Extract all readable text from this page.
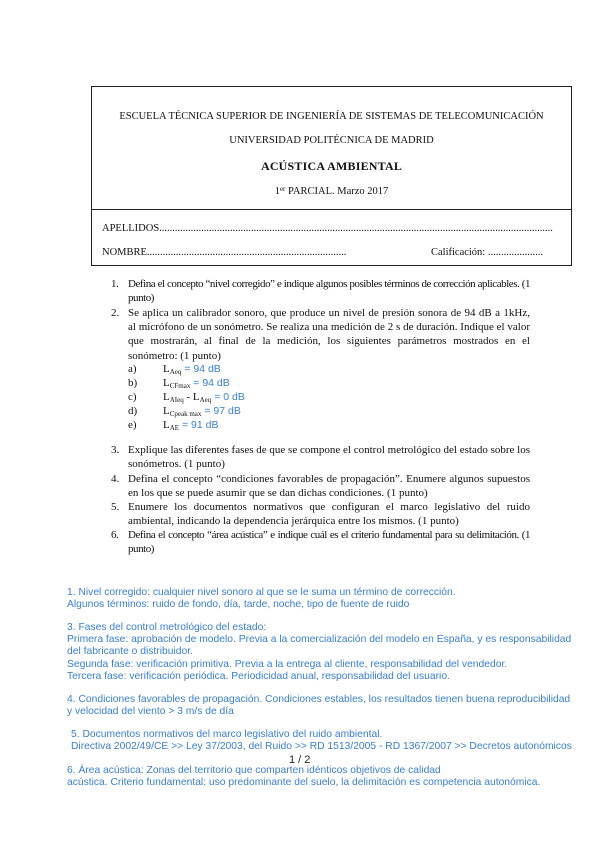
ESCUELA TÉCNICA SUPERIOR DE INGENIERÍA DE SISTEMAS DE TELECOMUNICACIÓN
UNIVERSIDAD POLITÉCNICA DE MADRID
ACÚSTICA AMBIENTAL
1er PARCIAL. Marzo 2017
APELLIDOS......................................................................................................................................................
NOMBRE............................................................................	Calificación: .....................
1. Defina el concepto “nivel corregido” e indique algunos posibles términos de corrección aplicables. (1 punto)
2. Se aplica un calibrador sonoro, que produce un nivel de presión sonora de 94 dB a 1kHz, al micrófono de un sonómetro. Se realiza una medición de 2 s de duración. Indique el valor que mostrarán, al final de la medición, los siguientes parámetros mostrados en el sonómetro: (1 punto)
a) $L_{Aeq} = 94$ dB
b) $L_{CFmax} = 94$ dB
c) $L_{AIeq} - L_{Aeq} = 0$ dB
d) $L_{Cpeak max} = 97$ dB
e) $L_{AE} = 91$ dB
3. Explique las diferentes fases de que se compone el control metrológico del estado sobre los sonómetros. (1 punto)
4. Defina el concepto “condiciones favorables de propagación”. Enumere algunos supuestos en los que se puede asumir que se dan dichas condiciones. (1 punto)
5. Enumere los documentos normativos que configuran el marco legislativo del ruido ambiental, indicando la dependencia jerárquica entre los mismos. (1 punto)
6. Defina el concepto “área acústica” e indique cuál es el criterio fundamental para su delimitación. (1 punto)
1. Nivel corregido: cualquier nivel sonoro al que se le suma un término de corrección.
Algunos términos: ruido de fondo, día, tarde, noche, tipo de fuente de ruido
3. Fases del control metrológico del estado:
Primera fase: aprobación de modelo. Previa a la comercialización del modelo en España, y es responsabilidad
del fabricante o distribuidor.
Segunda fase: verificación primitiva. Previa a la entrega al cliente, responsabilidad del vendedor.
Tercera fase: verificación periódica. Periodicidad anual, responsabilidad del usuario.
4. Condiciones favorables de propagación. Condiciones estables, los resultados tienen buena reproducibilidad
y velocidad del viento > 3 m/s de día
5. Documentos normativos del marco legislativo del ruido ambiental.
Directiva 2002/49/CE >> Ley 37/2003, del Ruido >> RD 1513/2005 - RD 1367/2007 >> Decretos autonómicos
1 / 2
6. Área acústica: Zonas del territorio que comparten idénticos objetivos de calidad
acústica. Criterio fundamental: uso predominante del suelo, la delimitación es competencia autonómica.
